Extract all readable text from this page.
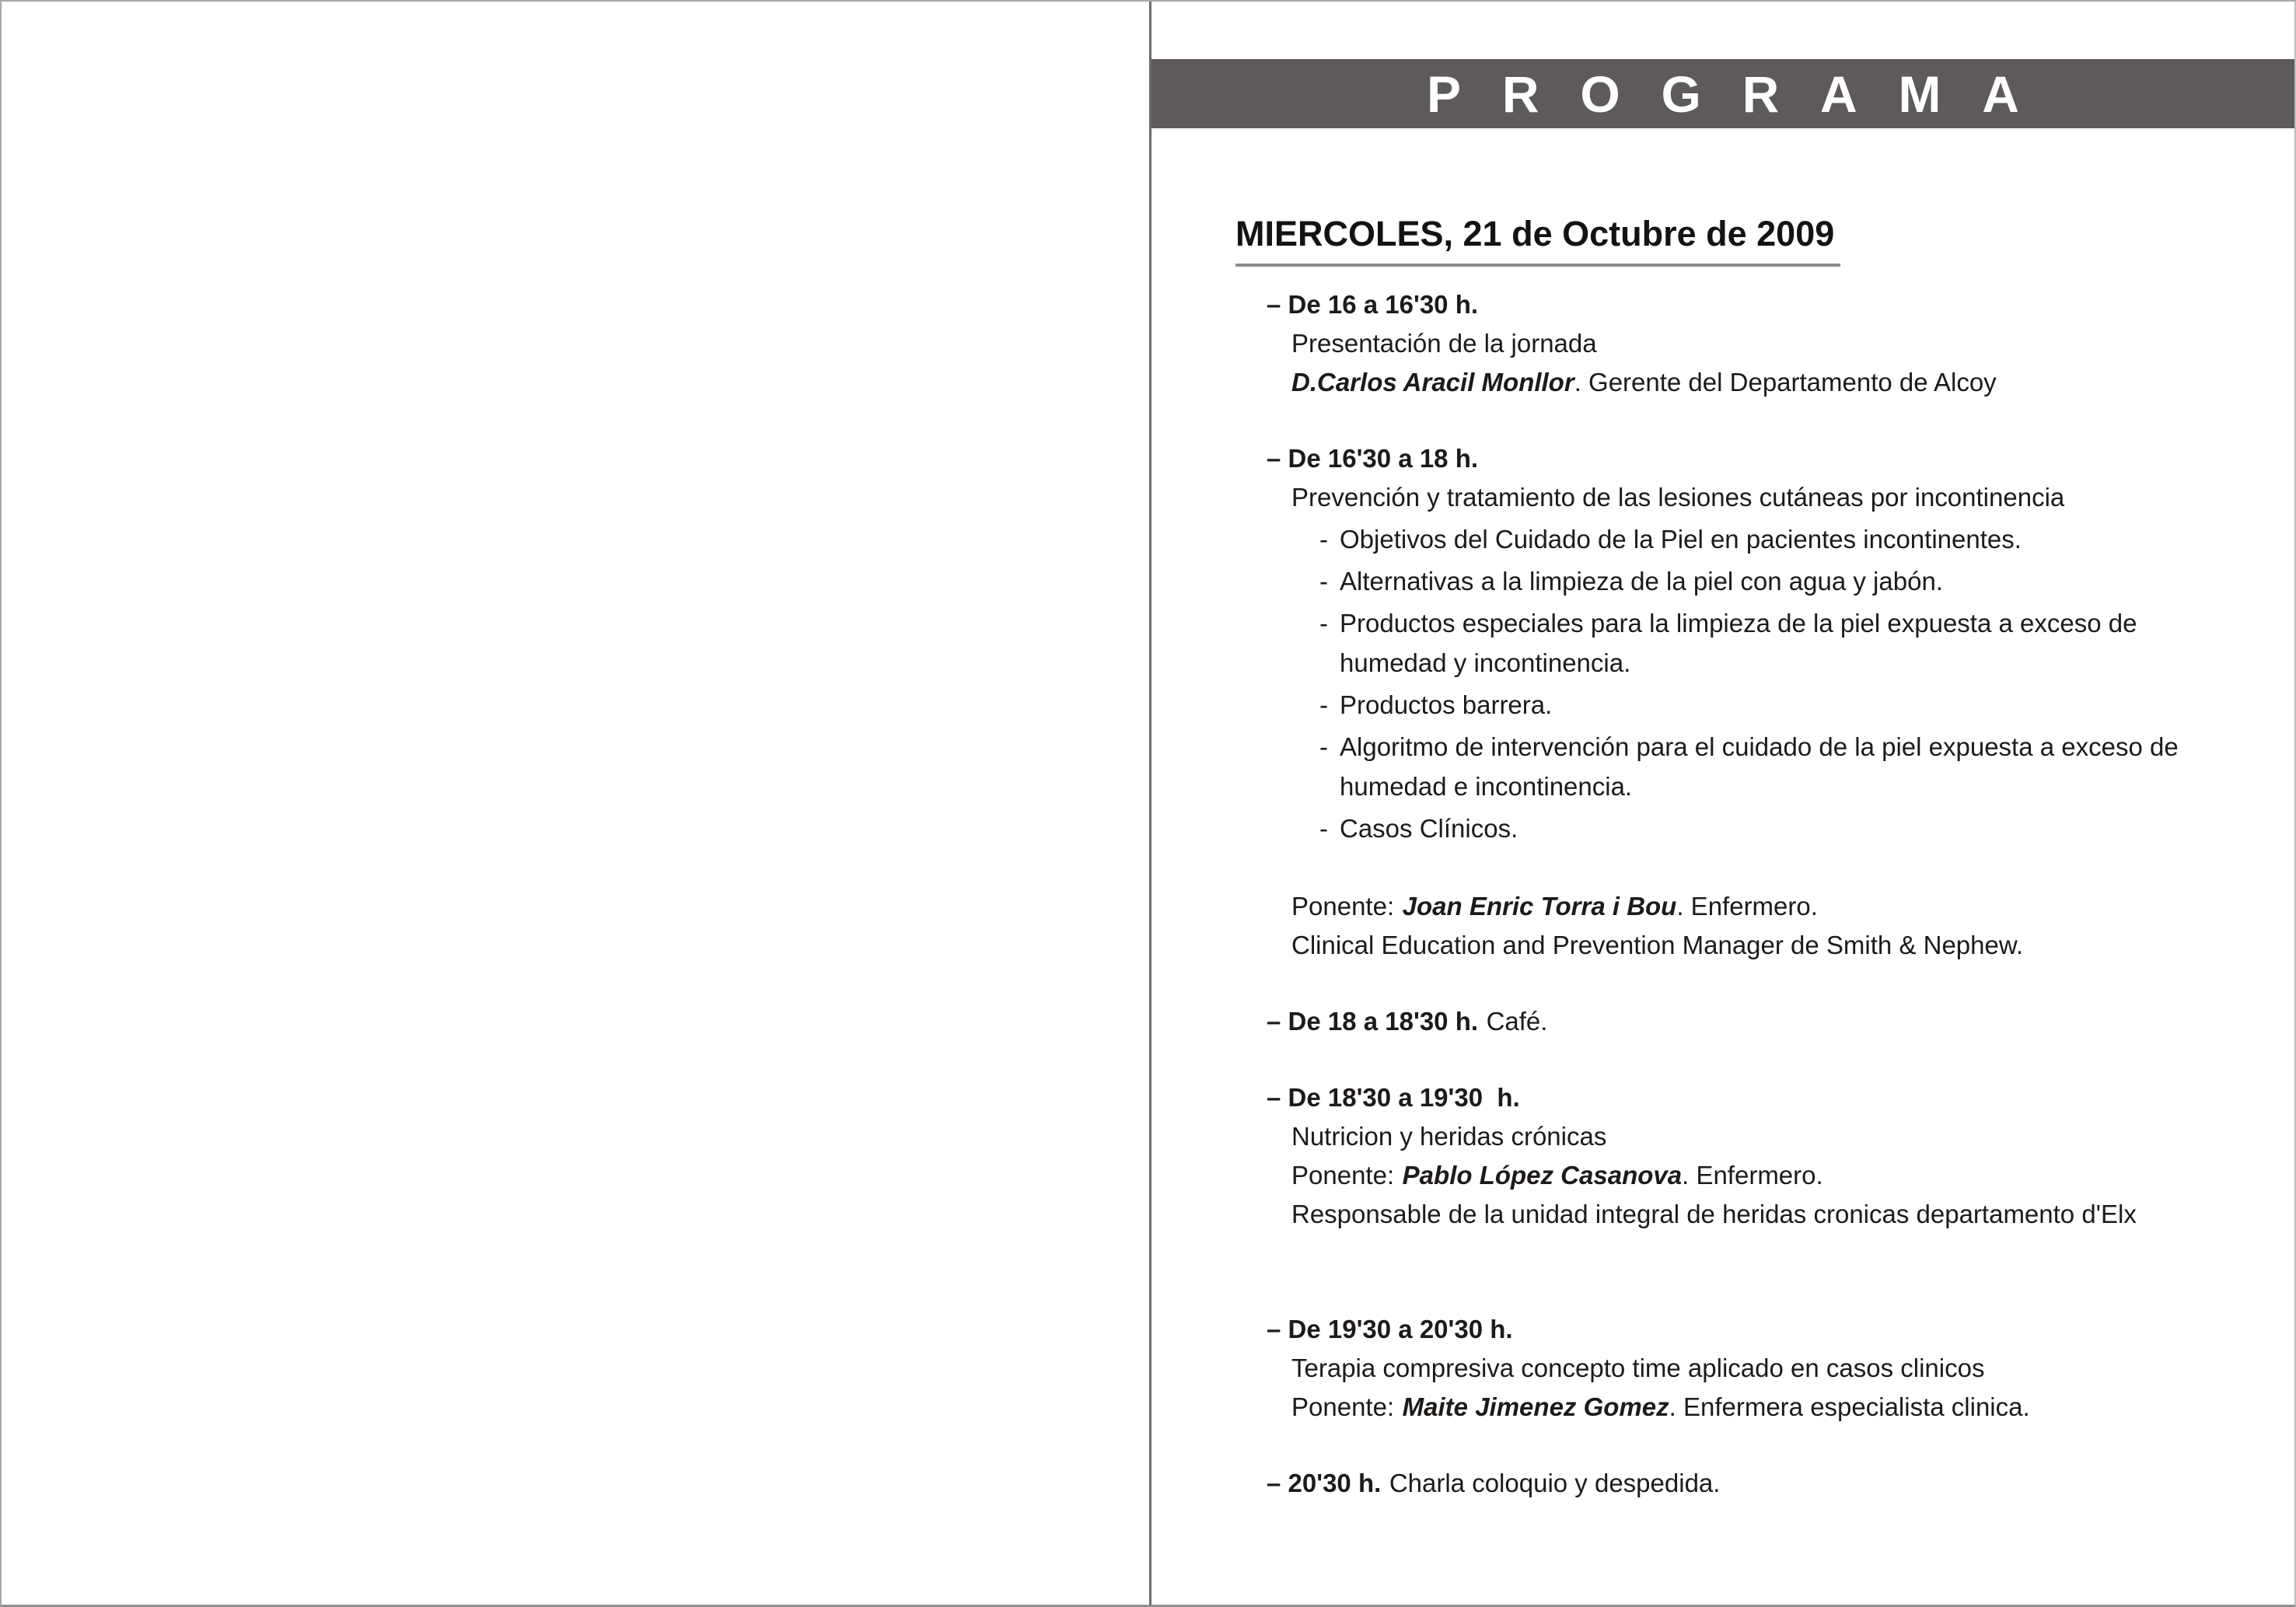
PROGRAMA
MIERCOLES, 21 de Octubre de 2009

– De 16 a 16'30 h.

Presentación de la jornada

D.Carlos Aracil Monllor. Gerente del Departamento de Alcoy

– De 16'30 a 18 h.

Prevención y tratamiento de las lesiones cutáneas por incontinencia

- Objetivos del Cuidado de la Piel en pacientes incontinentes.
- Alternativas a la limpieza de la piel con agua y jabón.
- Productos especiales para la limpieza de la piel expuesta a exceso de humedad y incontinencia.
- Productos barrera.
- Algoritmo de intervención para el cuidado de la piel expuesta a exceso de humedad e incontinencia.
- Casos Clínicos.

Ponente: Joan Enric Torra i Bou. Enfermero.

Clinical Education and Prevention Manager de Smith & Nephew.

– De 18 a 18'30 h. Café.

– De 18'30 a 19'30  h.

Nutricion y heridas crónicas

Ponente: Pablo López Casanova. Enfermero.

Responsable de la unidad integral de heridas cronicas departamento d'Elx

– De 19'30 a 20'30 h.

Terapia compresiva concepto time aplicado en casos clinicos

Ponente: Maite Jimenez Gomez. Enfermera especialista clinica.

– 20'30 h. Charla coloquio y despedida.
